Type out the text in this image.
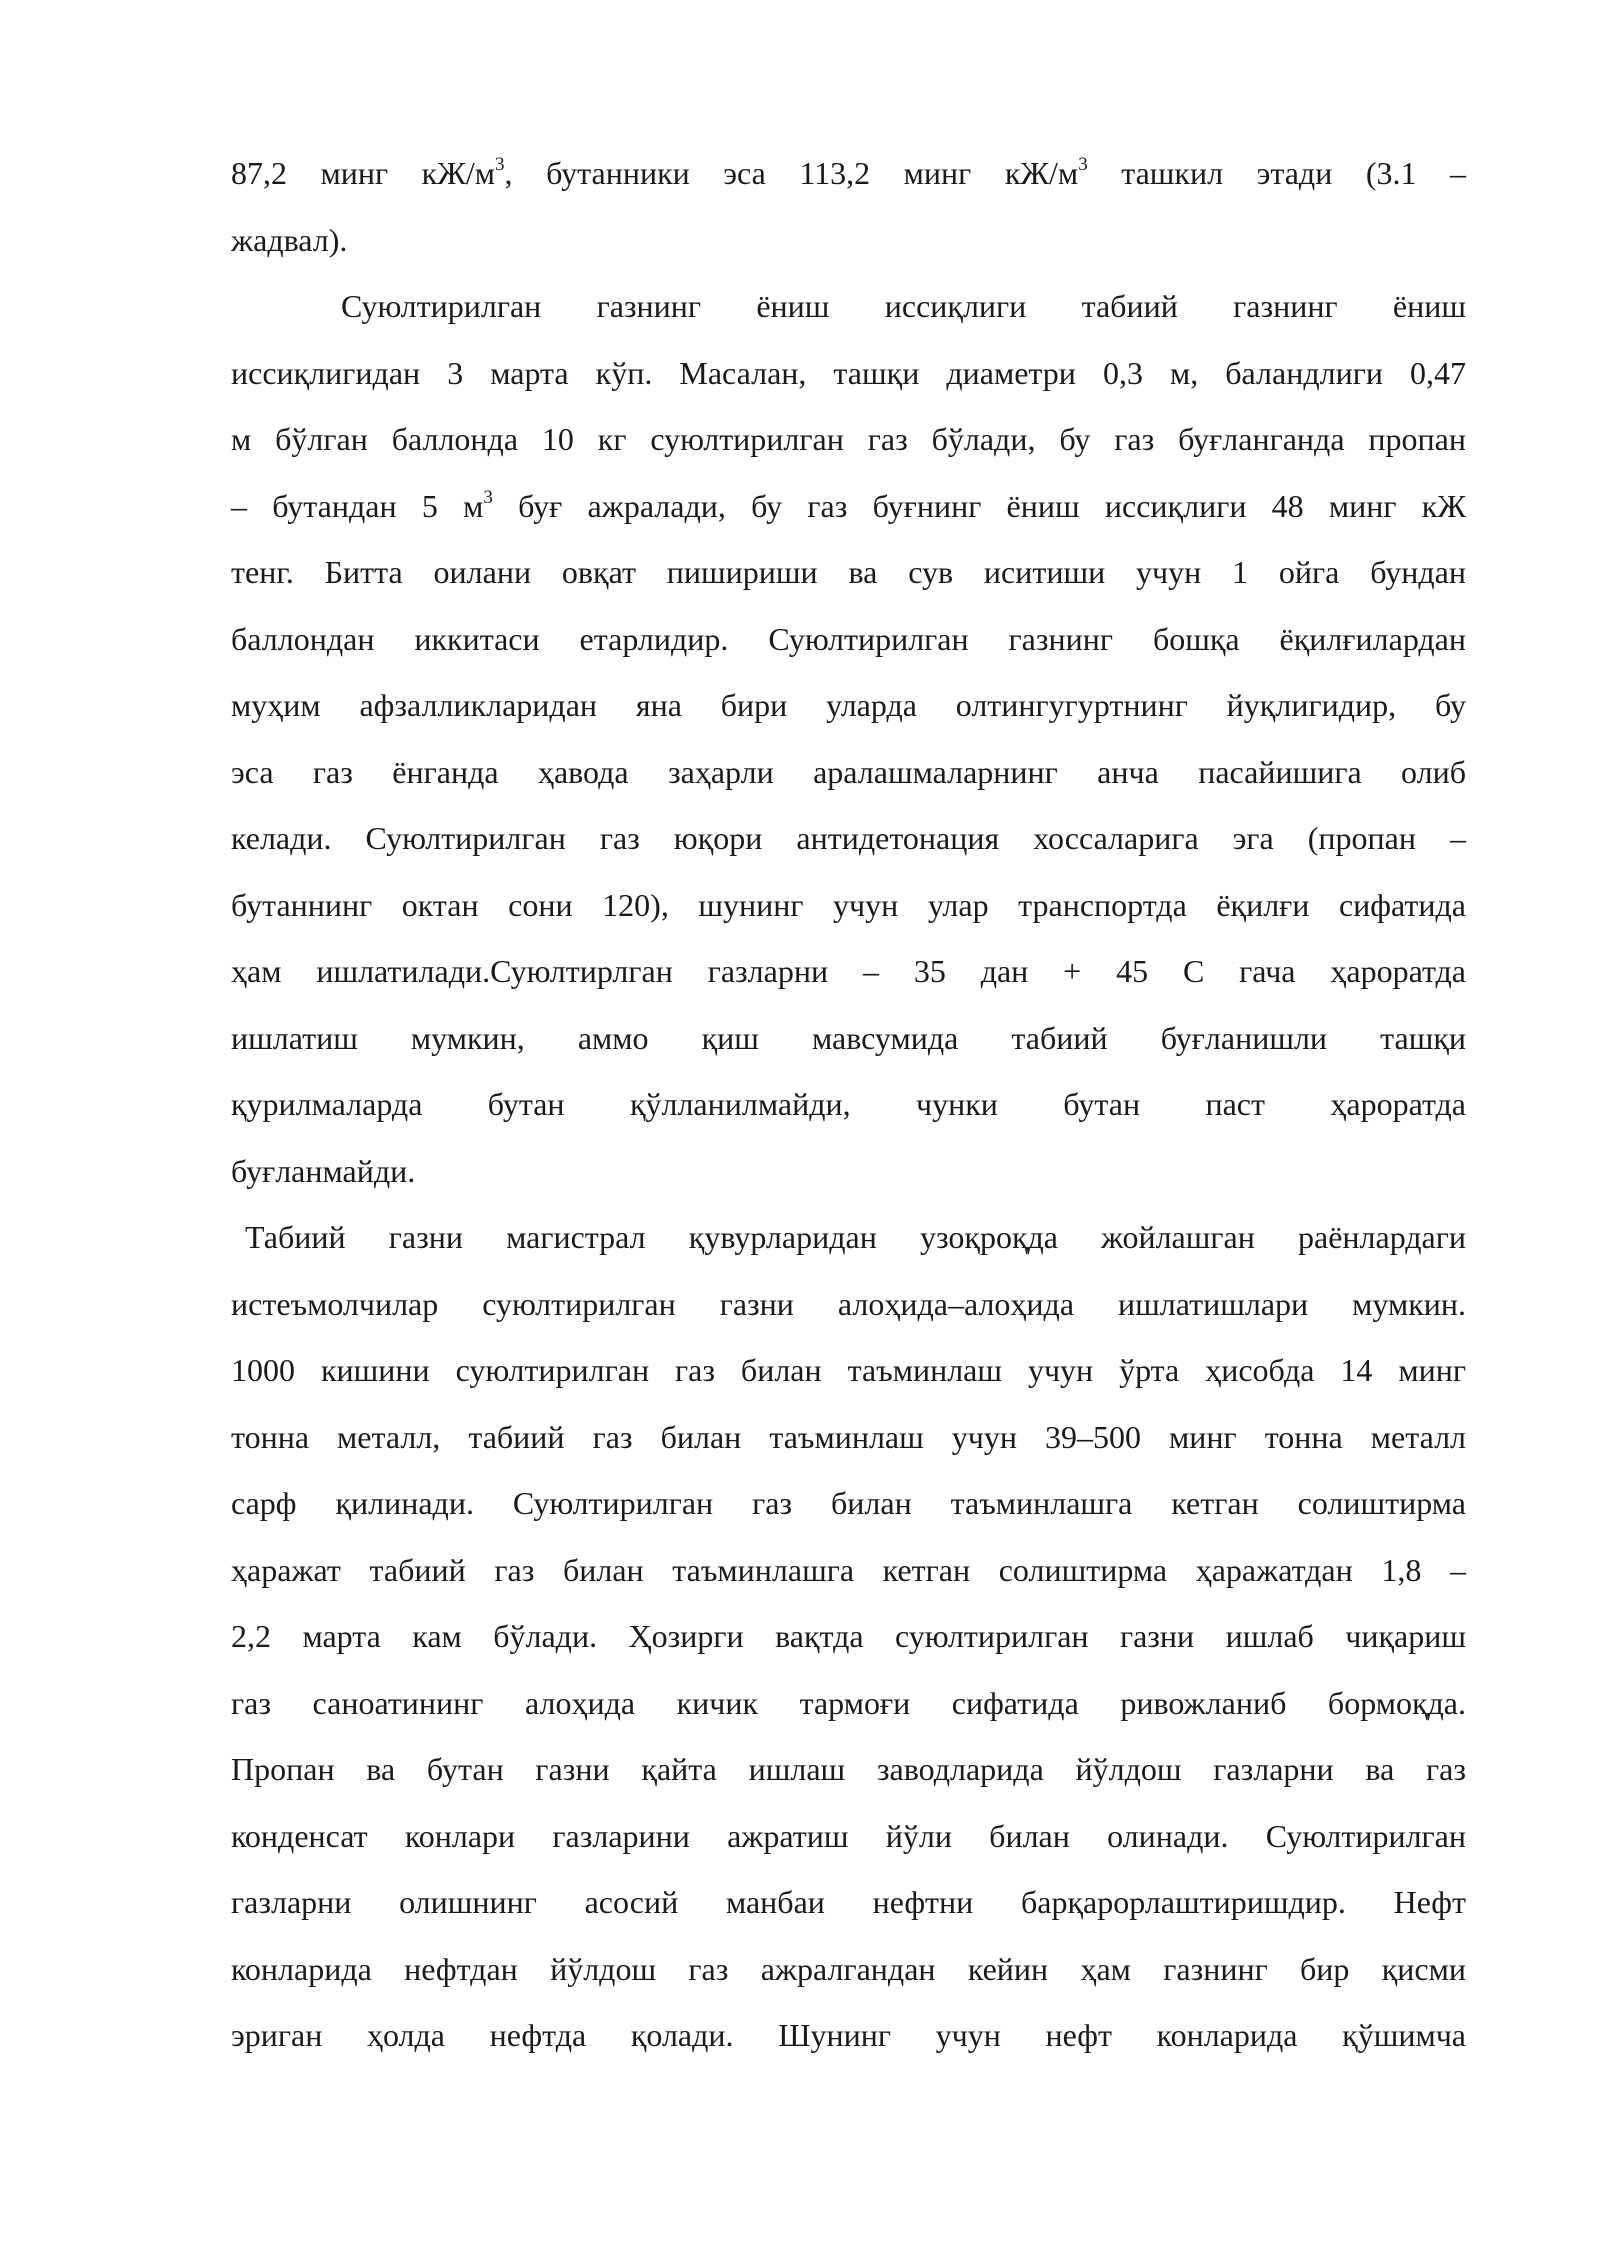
87,2 минг $кЖ/м^3$, бутанники эса 113,2 минг $кЖ/м^3$ ташкил этади (3.1 –
жадвал).
Суюлтирилган газнинг ёниш иссиқлиги табиий газнинг ёниш
иссиқлигидан 3 марта кўп. Масалан, ташқи диаметри 0,3 м, баландлиги 0,47
м бўлган баллонда 10 кг суюлтирилган газ бўлади, бу газ буғланганда пропан
– бутандан 5 $м^3$ буғ ажралади, бу газ буғнинг ёниш иссиқлиги 48 минг кЖ
тенг. Битта оилани овқат пишириши ва сув иситиши учун 1 ойга бундан
баллондан иккитаси етарлидир. Суюлтирилган газнинг бошқа ёқилғилардан
муҳим афзалликларидан яна бири уларда олтингугуртнинг йуқлигидир, бу
эса газ ёнганда ҳавода заҳарли аралашмаларнинг анча пасайишига олиб
келади. Суюлтирилган газ юқори антидетонация хоссаларига эга (пропан –
бутаннинг октан сони 120), шунинг учун улар транспортда ёқилғи сифатида
ҳам ишлатилади.Суюлтирлган газларни – 35 дан + 45 С гача ҳароратда
ишлатиш мумкин, аммо қиш мавсумида табиий буғланишли ташқи
қурилмаларда бутан қўлланилмайди, чунки бутан паст ҳароратда
буғланмайди.
Табиий газни магистрал қувурларидан узоқроқда жойлашган раёнлардаги
истеъмолчилар суюлтирилган газни алоҳида–алоҳида ишлатишлари мумкин.
1000 кишини суюлтирилган газ билан таъминлаш учун ўрта ҳисобда 14 минг
тонна металл, табиий газ билан таъминлаш учун 39–500 минг тонна металл
сарф қилинади. Суюлтирилган газ билан таъминлашга кетган солиштирма
ҳаражат табиий газ билан таъминлашга кетган солиштирма ҳаражатдан 1,8 –
2,2 марта кам бўлади. Ҳозирги вақтда суюлтирилган газни ишлаб чиқариш
газ саноатининг алоҳида кичик тармоғи сифатида ривожланиб бормоқда.
Пропан ва бутан газни қайта ишлаш заводларида йўлдош газларни ва газ
конденсат конлари газларини ажратиш йўли билан олинади. Суюлтирилган
газларни олишнинг асосий манбаи нефтни барқарорлаштиришдир. Нефт
конларида нефтдан йўлдош газ ажралгандан кейин ҳам газнинг бир қисми
эриган ҳолда нефтда қолади. Шунинг учун нефт конларида қўшимча
